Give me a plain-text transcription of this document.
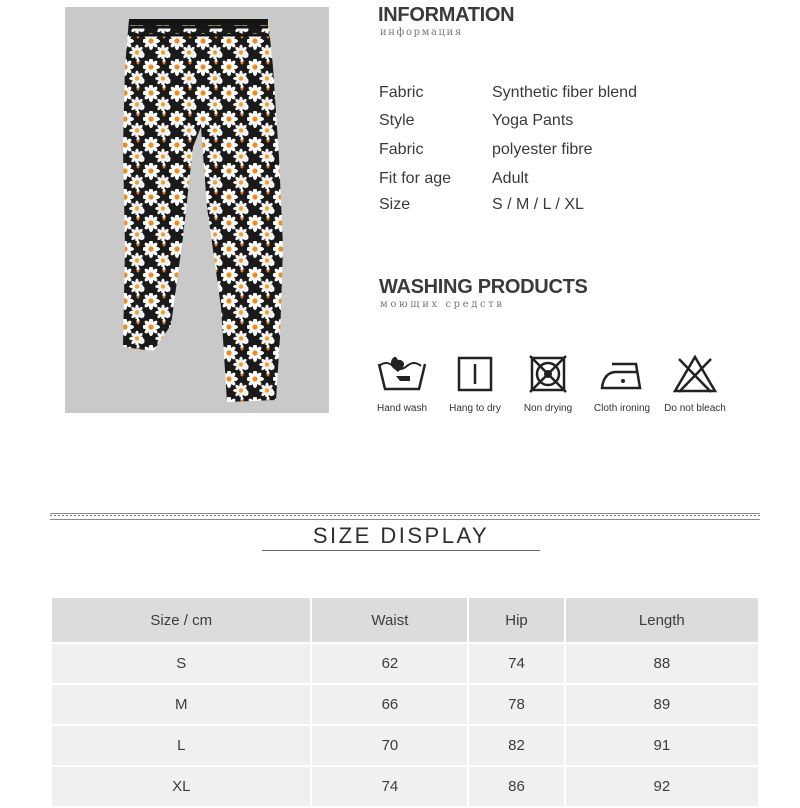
INFORMATION
информация
Fabric	Synthetic fiber blend
Style	Yoga Pants
Fabric	polyester fibre
Fit for age	Adult
Size	S / M / L / XL
WASHING PRODUCTS
моющих средств
Hand wash	Hang to dry	Non drying	Cloth ironing	Do not bleach
SIZE DISPLAY
Size / cm	Waist	Hip	Length
S	62	74	88
M	66	78	89
L	70	82	91
XL	74	86	92
